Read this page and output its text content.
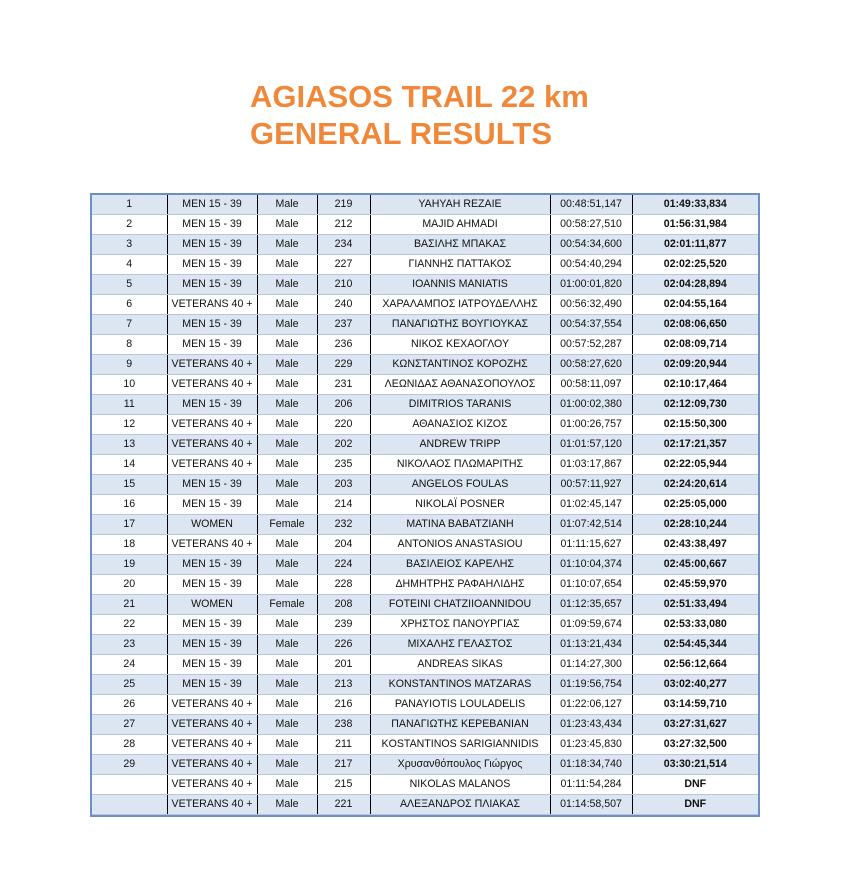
AGIASOS TRAIL 22 km
GENERAL RESULTS
1	MEN 15 - 39	Male	219	YAHYAH REZAIE	00:48:51,147	01:49:33,834
2	MEN 15 - 39	Male	212	MAJID AHMADI	00:58:27,510	01:56:31,984
3	MEN 15 - 39	Male	234	ΒΑΣΙΛΗΣ ΜΠΑΚΑΣ	00:54:34,600	02:01:11,877
4	MEN 15 - 39	Male	227	ΓΙΑΝΝΗΣ ΠΑΤΤΑΚΟΣ	00:54:40,294	02:02:25,520
5	MEN 15 - 39	Male	210	IOANNIS MANIATIS	01:00:01,820	02:04:28,894
6	VETERANS 40 +	Male	240	ΧΑΡΑΛΑΜΠΟΣ ΙΑΤΡΟΥΔΕΛΛΗΣ	00:56:32,490	02:04:55,164
7	MEN 15 - 39	Male	237	ΠΑΝΑΓΙΩΤΗΣ ΒΟΥΓΙΟΥΚΑΣ	00:54:37,554	02:08:06,650
8	MEN 15 - 39	Male	236	ΝΙΚΟΣ ΚΕΧΑΟΓΛΟΥ	00:57:52,287	02:08:09,714
9	VETERANS 40 +	Male	229	ΚΩΝΣΤΑΝΤΙΝΟΣ ΚΟΡΟΖΗΣ	00:58:27,620	02:09:20,944
10	VETERANS 40 +	Male	231	ΛΕΩΝΙΔΑΣ ΑΘΑΝΑΣΟΠΟΥΛΟΣ	00:58:11,097	02:10:17,464
11	MEN 15 - 39	Male	206	DIMITRIOS TARANIS	01:00:02,380	02:12:09,730
12	VETERANS 40 +	Male	220	ΑΘΑΝΑΣΙΟΣ ΚΙΖΟΣ	01:00:26,757	02:15:50,300
13	VETERANS 40 +	Male	202	ANDREW TRIPP	01:01:57,120	02:17:21,357
14	VETERANS 40 +	Male	235	ΝΙΚΟΛΑΟΣ ΠΛΩΜΑΡΙΤΗΣ	01:03:17,867	02:22:05,944
15	MEN 15 - 39	Male	203	ANGELOS FOULAS	00:57:11,927	02:24:20,614
16	MEN 15 - 39	Male	214	NIKOLAÏ POSNER	01:02:45,147	02:25:05,000
17	WOMEN	Female	232	ΜΑΤΙΝΑ ΒΑΒΑΤΖΙΑΝΗ	01:07:42,514	02:28:10,244
18	VETERANS 40 +	Male	204	ANTONIOS ANASTASIOU	01:11:15,627	02:43:38,497
19	MEN 15 - 39	Male	224	ΒΑΣΙΛΕΙΟΣ ΚΑΡΕΛΗΣ	01:10:04,374	02:45:00,667
20	MEN 15 - 39	Male	228	ΔΗΜΗΤΡΗΣ ΡΑΦΑΗΛΙΔΗΣ	01:10:07,654	02:45:59,970
21	WOMEN	Female	208	FOTEINI CHATZIIOANNIDOU	01:12:35,657	02:51:33,494
22	MEN 15 - 39	Male	239	ΧΡΗΣΤΟΣ ΠΑΝΟΥΡΓΙΑΣ	01:09:59,674	02:53:33,080
23	MEN 15 - 39	Male	226	ΜΙΧΑΛΗΣ ΓΕΛΑΣΤΟΣ	01:13:21,434	02:54:45,344
24	MEN 15 - 39	Male	201	ANDREAS SIKAS	01:14:27,300	02:56:12,664
25	MEN 15 - 39	Male	213	KONSTANTINOS MATZARAS	01:19:56,754	03:02:40,277
26	VETERANS 40 +	Male	216	PANAYIOTIS LOULADELIS	01:22:06,127	03:14:59,710
27	VETERANS 40 +	Male	238	ΠΑΝΑΓΙΩΤΗΣ ΚΕΡΕΒΑΝΙΑΝ	01:23:43,434	03:27:31,627
28	VETERANS 40 +	Male	211	KOSTANTINOS SARIGIANNIDIS	01:23:45,830	03:27:32,500
29	VETERANS 40 +	Male	217	Χρυσανθόπουλος Γιώργος	01:18:34,740	03:30:21,514
	VETERANS 40 +	Male	215	NIKOLAS MALANOS	01:11:54,284	DNF
	VETERANS 40 +	Male	221	ΑΛΕΞΑΝΔΡΟΣ ΠΛΙΑΚΑΣ	01:14:58,507	DNF
